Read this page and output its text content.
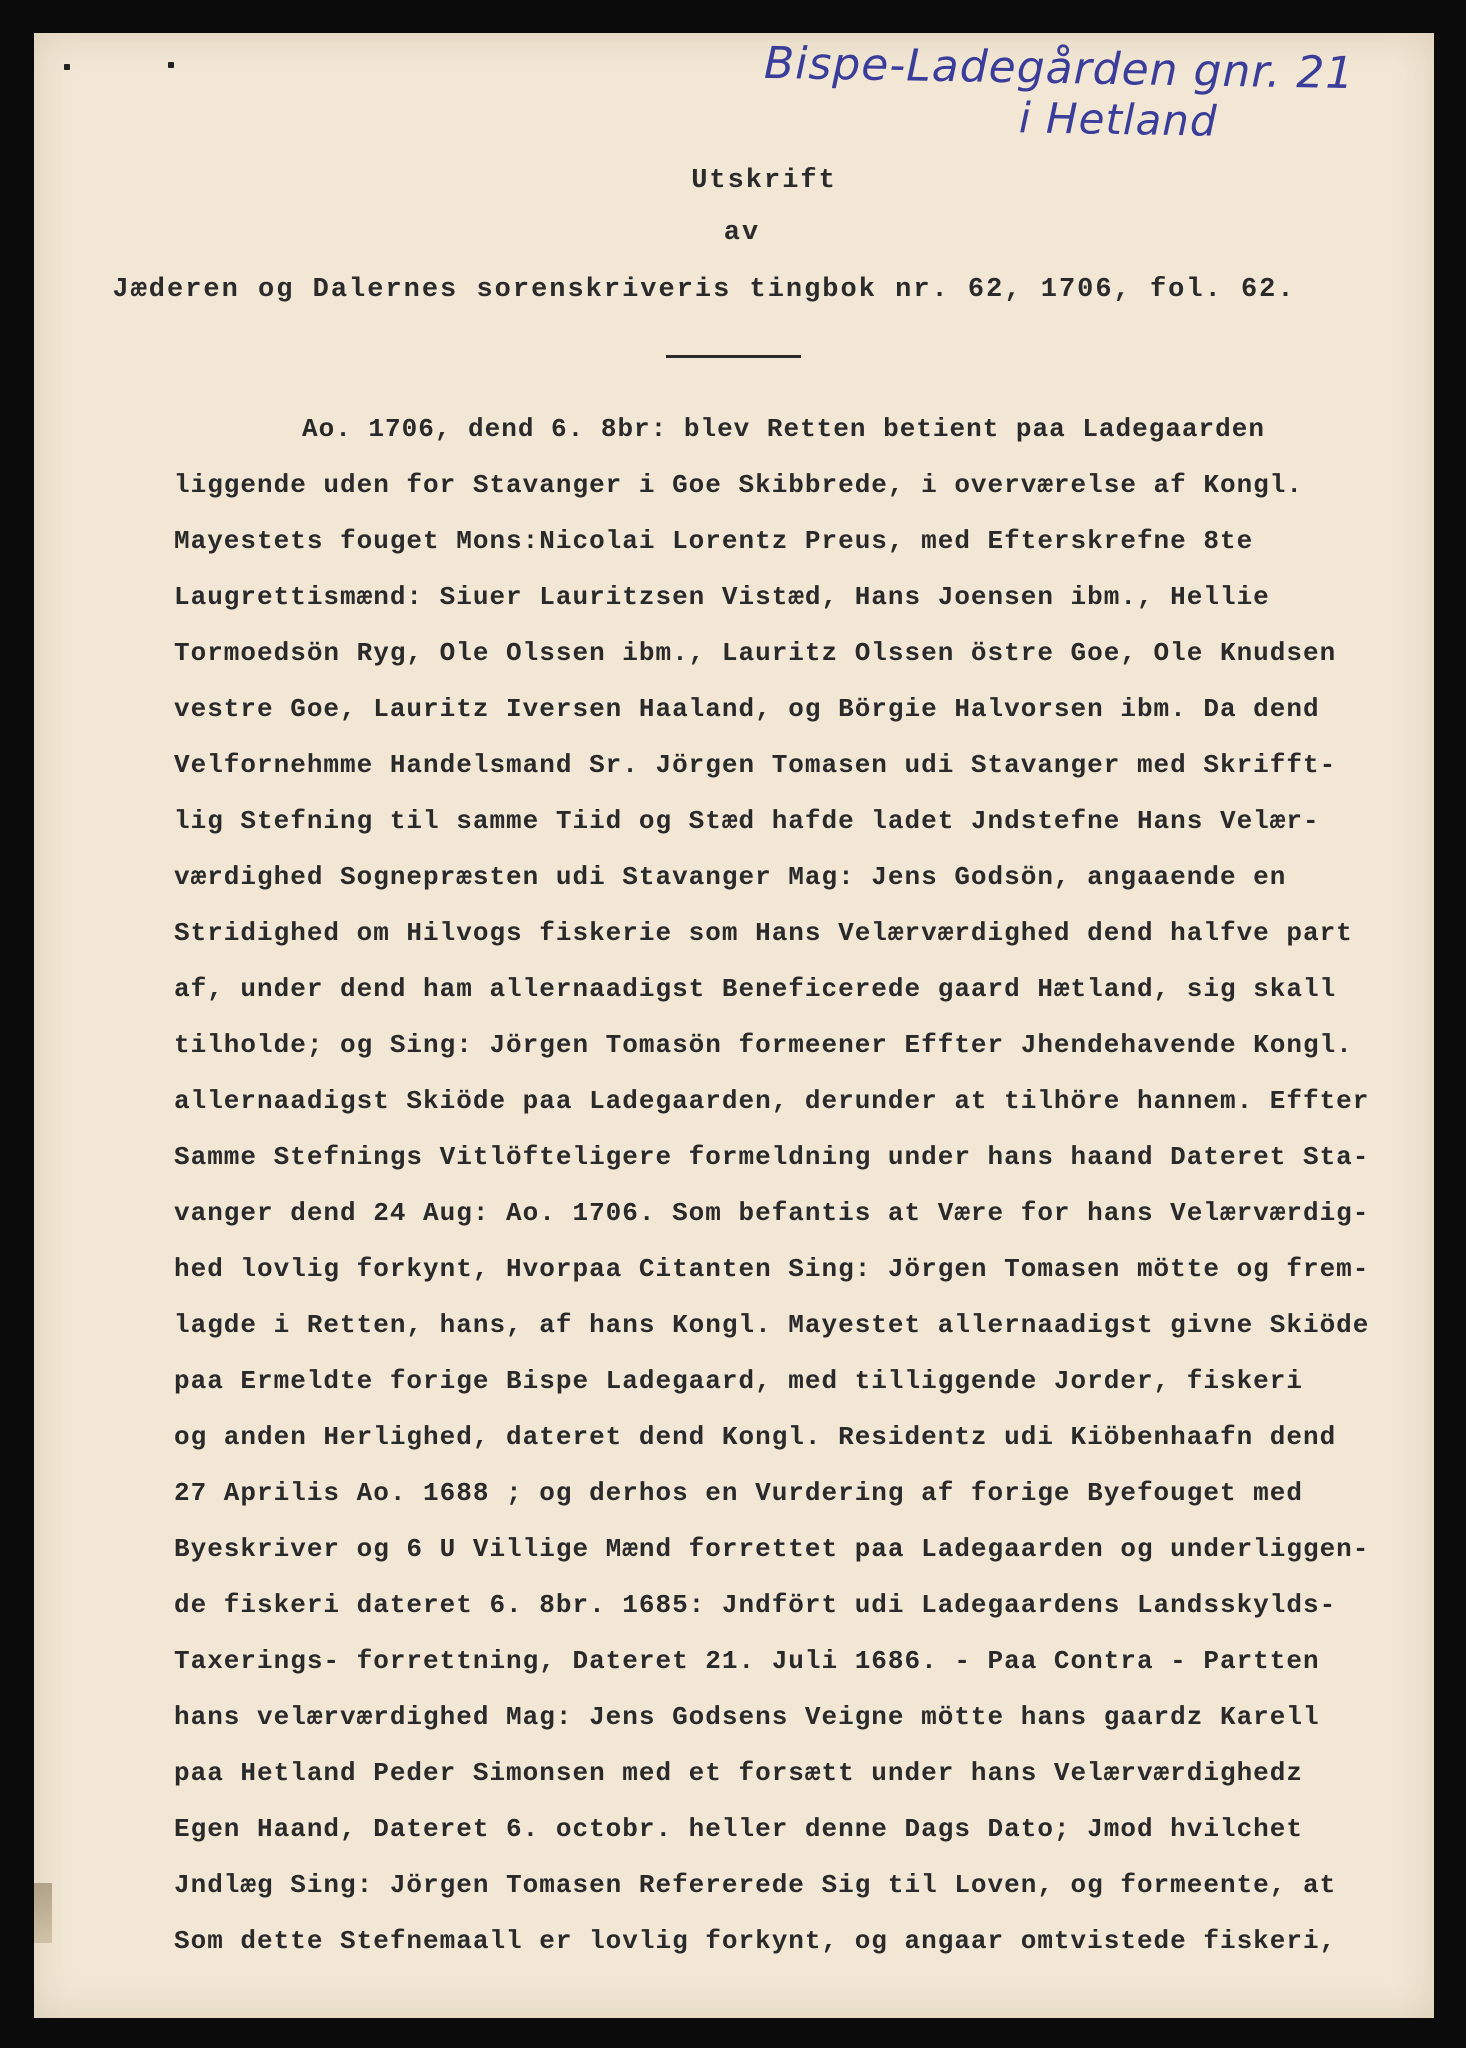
Bispe-Ladegården gnr. 21
i Hetland
Utskrift
av
Jæderen og Dalernes sorenskriveris tingbok nr. 62, 1706, fol. 62.
Ao. 1706, dend 6. 8br: blev Retten betient paa Ladegaarden
liggende uden for Stavanger i Goe Skibbrede, i overværelse af Kongl.
Mayestets fouget Mons:Nicolai Lorentz Preus, med Efterskrefne 8te
Laugrettismænd: Siuer Lauritzsen Vistæd, Hans Joensen ibm., Hellie
Tormoedsön Ryg, Ole Olssen ibm., Lauritz Olssen östre Goe, Ole Knudsen
vestre Goe, Lauritz Iversen Haaland, og Börgie Halvorsen ibm. Da dend
Velfornehmme Handelsmand Sr. Jörgen Tomasen udi Stavanger med Skrifft-
lig Stefning til samme Tiid og Stæd hafde ladet Jndstefne Hans Velær-
værdighed Sognepræsten udi Stavanger Mag: Jens Godsön, angaaende en
Stridighed om Hilvogs fiskerie som Hans Velærværdighed dend halfve part
af, under dend ham allernaadigst Beneficerede gaard Hætland, sig skall
tilholde; og Sing: Jörgen Tomasön formeener Effter Jhendehavende Kongl.
allernaadigst Skiöde paa Ladegaarden, derunder at tilhöre hannem. Effter
Samme Stefnings Vitlöfteligere formeldning under hans haand Dateret Sta-
vanger dend 24 Aug: Ao. 1706. Som befantis at Være for hans Velærværdig-
hed lovlig forkynt, Hvorpaa Citanten Sing: Jörgen Tomasen mötte og frem-
lagde i Retten, hans, af hans Kongl. Mayestet allernaadigst givne Skiöde
paa Ermeldte forige Bispe Ladegaard, med tilliggende Jorder, fiskeri
og anden Herlighed, dateret dend Kongl. Residentz udi Kiöbenhaafn dend
27 Aprilis Ao. 1688 ; og derhos en Vurdering af forige Byefouget med
Byeskriver og 6 U Villige Mænd forrettet paa Ladegaarden og underliggen-
de fiskeri dateret 6. 8br. 1685: Jndfört udi Ladegaardens Landsskylds-
Taxerings- forrettning, Dateret 21. Juli 1686. - Paa Contra - Partten
hans velærværdighed Mag: Jens Godsens Veigne mötte hans gaardz Karell
paa Hetland Peder Simonsen med et forsætt under hans Velærværdighedz
Egen Haand, Dateret 6. octobr. heller denne Dags Dato; Jmod hvilchet
Jndlæg Sing: Jörgen Tomasen Refererede Sig til Loven, og formeente, at
Som dette Stefnemaall er lovlig forkynt, og angaar omtvistede fiskeri,
